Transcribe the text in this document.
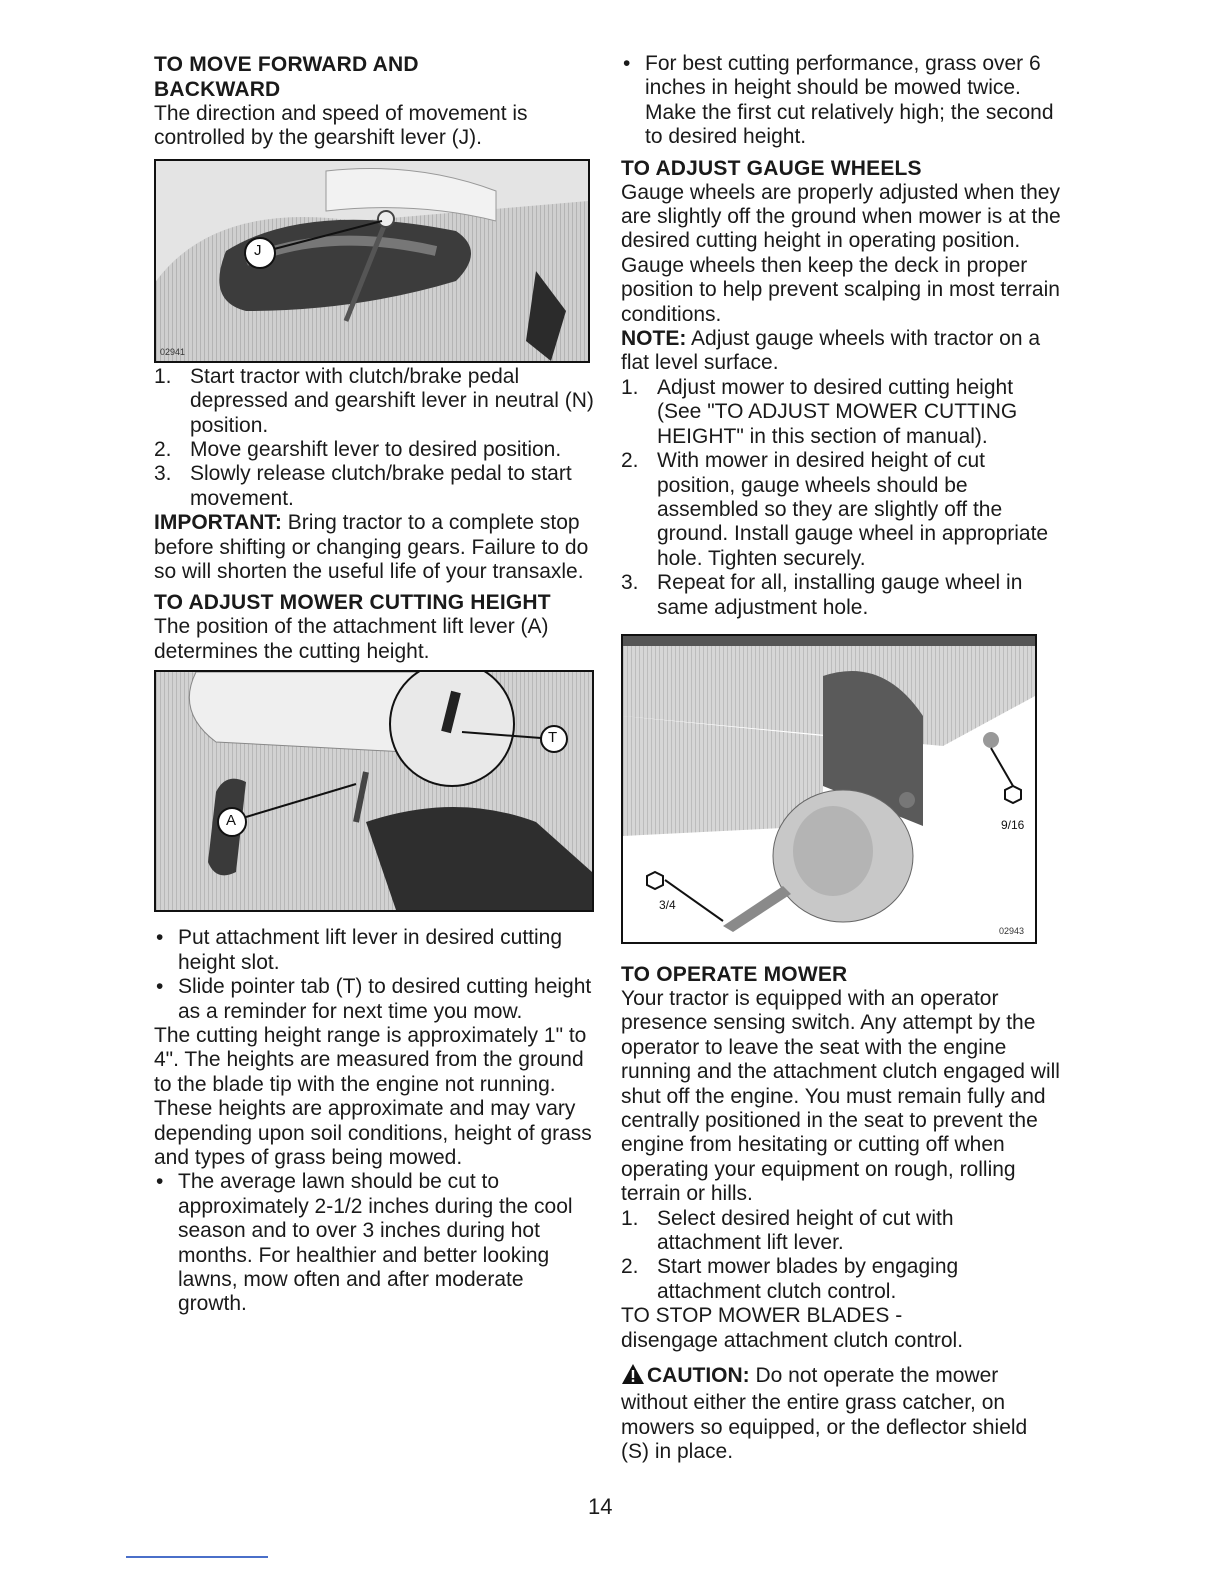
TO MOVE FORWARD AND
BACKWARD

The direction and speed of movement is controlled by the gearshift lever (J).

J
02941
1. Start tractor with clutch/brake pedal depressed and gearshift lever in neutral (N) position.
2. Move gearshift lever to desired position.
3. Slowly release clutch/brake pedal to start movement.

IMPORTANT: Bring tractor to a complete stop before shifting or changing gears. Failure to do so will shorten the useful life of your transaxle.

TO ADJUST MOWER CUTTING HEIGHT

The position of the attachment lift lever (A) determines the cutting height.

T
A
• Put attachment lift lever in desired cutting height slot.
• Slide pointer tab (T) to desired cutting height as a reminder for next time you mow.

The cutting height range is approximately 1" to 4". The heights are measured from the ground to the blade tip with the engine not running. These heights are approximate and may vary depending upon soil conditions, height of grass and types of grass being mowed.

• The average lawn should be cut to approximately 2-1/2 inches during the cool season and to over 3 inches during hot months. For healthier and better looking lawns, mow often and after moderate growth.
• For best cutting performance, grass over 6 inches in height should be mowed twice. Make the first cut relatively high; the second to desired height.

TO ADJUST GAUGE WHEELS

Gauge wheels are properly adjusted when they are slightly off the ground when mower is at the desired cutting height in operating position. Gauge wheels then keep the deck in proper position to help prevent scalping in most terrain conditions.

NOTE: Adjust gauge wheels with tractor on a flat level surface.

1. Adjust mower to desired cutting height (See "TO ADJUST MOWER CUTTING HEIGHT" in this section of manual).
2. With mower in desired height of cut position, gauge wheels should be assembled so they are slightly off the ground. Install gauge wheel in appropriate hole. Tighten securely.
3. Repeat for all, installing gauge wheel in same adjustment hole.
9/16
3/4
02943

TO OPERATE MOWER

Your tractor is equipped with an operator presence sensing switch. Any attempt by the operator to leave the seat with the engine running and the attachment clutch engaged will shut off the engine. You must remain fully and centrally positioned in the seat to prevent the engine from hesitating or cutting off when operating your equipment on rough, rolling terrain or hills.

1. Select desired height of cut with attachment lift lever.
2. Start mower blades by engaging attachment clutch control.

TO STOP MOWER BLADES -
disengage attachment clutch control.

CAUTION: Do not operate the mower without either the entire grass catcher, on mowers so equipped, or the deflector shield (S) in place.

14
